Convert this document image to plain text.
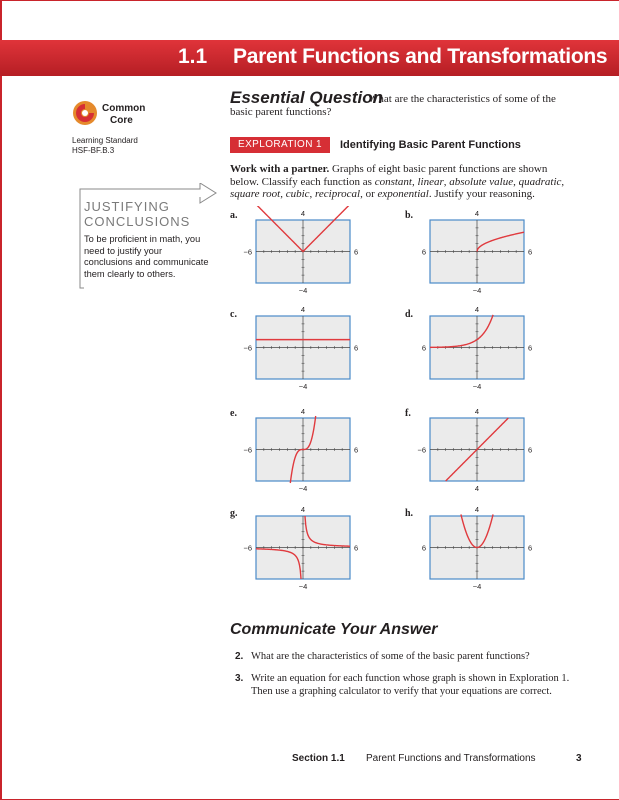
1.1 Parent Functions and Transformations
Common
Core
Learning Standard
HSF-BF.B.3
Essential Question
What are the characteristics of some of the basic parent functions?
EXPLORATION 1	Identifying Basic Parent Functions
Work with a partner. Graphs of eight basic parent functions are shown below. Classify each function as constant, linear, absolute value, quadratic, square root, cubic, reciprocal, or exponential. Justify your reasoning.
JUSTIFYING
CONCLUSIONS
To be proficient in math, you need to justify your conclusions and communicate them clearly to others.
a.	4
−4
−6	6
b.	4
−4
6	6
c.	4
−4
−6	6
d.	4
−4
6	6
e.	4
−4
−6	6
f.	4
4
−6	6
g.	4
−4
−6	6
h.	4
−4
6	6
Communicate Your Answer
2. What are the characteristics of some of the basic parent functions?
3. Write an equation for each function whose graph is shown in Exploration 1. Then use a graphing calculator to verify that your equations are correct.
Section 1.1 Parent Functions and Transformations	3
